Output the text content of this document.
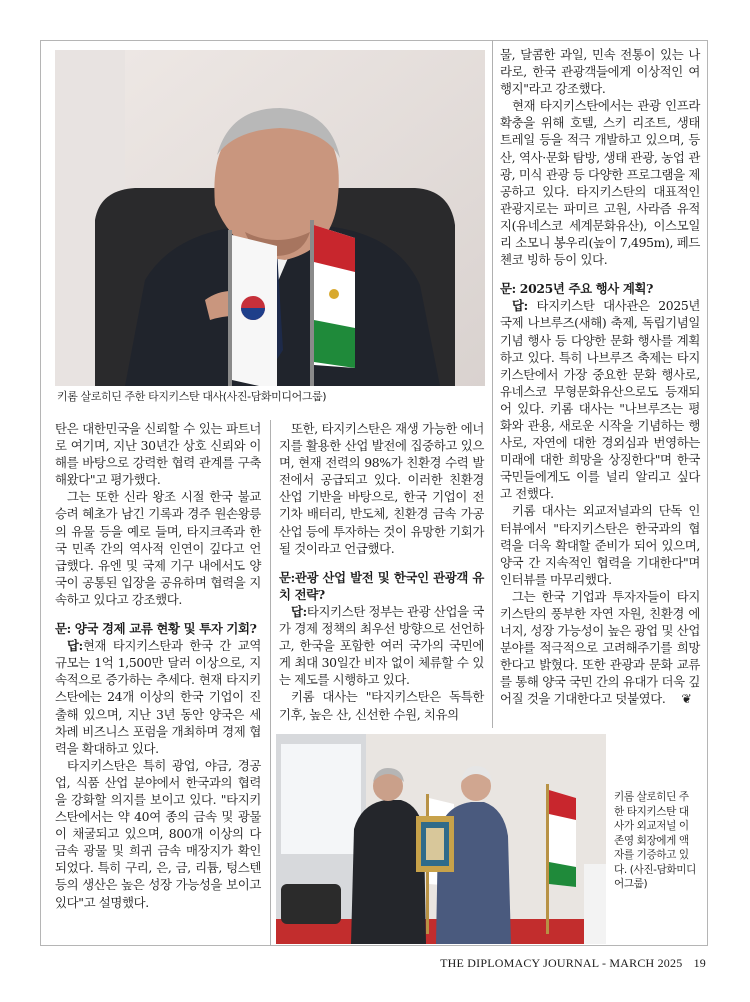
키롬 살로히딘 주한 타지키스탄 대사(사진-담화미디어그룹)

탄은 대한민국을 신뢰할 수 있는 파트너로 여기며, 지난 30년간 상호 신뢰와 이해를 바탕으로 강력한 협력 관계를 구축해왔다"고 평가했다.

그는 또한 신라 왕조 시절 한국 불교 승려 혜초가 남긴 기록과 경주 원손왕릉의 유물 등을 예로 들며, 타지크족과 한국 민족 간의 역사적 인연이 깊다고 언급했다. 유엔 및 국제 기구 내에서도 양국이 공통된 입장을 공유하며 협력을 지속하고 있다고 강조했다.

문: 양국 경제 교류 현황 및 투자 기회?

답:현재 타지키스탄과 한국 간 교역 규모는 1억 1,500만 달러 이상으로, 지속적으로 증가하는 추세다. 현재 타지키스탄에는 24개 이상의 한국 기업이 진출해 있으며, 지난 3년 동안 양국은 세 차례 비즈니스 포럼을 개최하며 경제 협력을 확대하고 있다.

타지키스탄은 특히 광업, 야금, 경공업, 식품 산업 분야에서 한국과의 협력을 강화할 의지를 보이고 있다. "타지키스탄에서는 약 40여 종의 금속 및 광물이 채굴되고 있으며, 800개 이상의 다금속 광물 및 희귀 금속 매장지가 확인되었다. 특히 구리, 은, 금, 리튬, 텅스텐 등의 생산은 높은 성장 가능성을 보이고 있다"고 설명했다.

또한, 타지키스탄은 재생 가능한 에너지를 활용한 산업 발전에 집중하고 있으며, 현재 전력의 98%가 친환경 수력 발전에서 공급되고 있다. 이러한 친환경 산업 기반을 바탕으로, 한국 기업이 전기차 배터리, 반도체, 친환경 금속 가공 산업 등에 투자하는 것이 유망한 기회가 될 것이라고 언급했다.

문:관광 산업 발전 및 한국인 관광객 유치 전략?

답:타지키스탄 정부는 관광 산업을 국가 경제 정책의 최우선 방향으로 선언하고, 한국을 포함한 여러 국가의 국민에게 최대 30일간 비자 없이 체류할 수 있는 제도를 시행하고 있다.

키롬 대사는 "타지키스탄은 독특한 기후, 높은 산, 신선한 수원, 치유의

물, 달콤한 과일, 민속 전통이 있는 나라로, 한국 관광객들에게 이상적인 여행지"라고 강조했다.

현재 타지키스탄에서는 관광 인프라 확충을 위해 호텔, 스키 리조트, 생태 트레일 등을 적극 개발하고 있으며, 등산, 역사·문화 탐방, 생태 관광, 농업 관광, 미식 관광 등 다양한 프로그램을 제공하고 있다. 타지키스탄의 대표적인 관광지로는 파미르 고원, 사라즘 유적지(유네스코 세계문화유산), 이스모일리 소모니 봉우리(높이 7,495m), 페드첸코 빙하 등이 있다.

문: 2025년 주요 행사 계획?

답: 타지키스탄 대사관은 2025년 국제 나브루즈(새해) 축제, 독립기념일 기념 행사 등 다양한 문화 행사를 계획하고 있다. 특히 나브루즈 축제는 타지키스탄에서 가장 중요한 문화 행사로, 유네스코 무형문화유산으로도 등재되어 있다. 키롬 대사는 "나브루즈는 평화와 관용, 새로운 시작을 기념하는 행사로, 자연에 대한 경외심과 번영하는 미래에 대한 희망을 상징한다"며 한국 국민들에게도 이를 널리 알리고 싶다고 전했다.

키롬 대사는 외교저널과의 단독 인터뷰에서 "타지키스탄은 한국과의 협력을 더욱 확대할 준비가 되어 있으며, 양국 간 지속적인 협력을 기대한다"며 인터뷰를 마무리했다.

그는 한국 기업과 투자자들이 타지키스탄의 풍부한 자연 자원, 친환경 에너지, 성장 가능성이 높은 광업 및 산업 분야를 적극적으로 고려해주기를 희망한다고 밝혔다. 또한 관광과 문화 교류를 통해 양국 국민 간의 유대가 더욱 깊어질 것을 기대한다고 덧붙였다. ❦

키롬 살로히딘 주
한 타지키스탄 대
사가 외교저널 이
존영 회장에게 액
자를 기증하고 있
다. (사진-담화미디
어그룹)
THE DIPLOMACY JOURNAL - MARCH 2025 19
